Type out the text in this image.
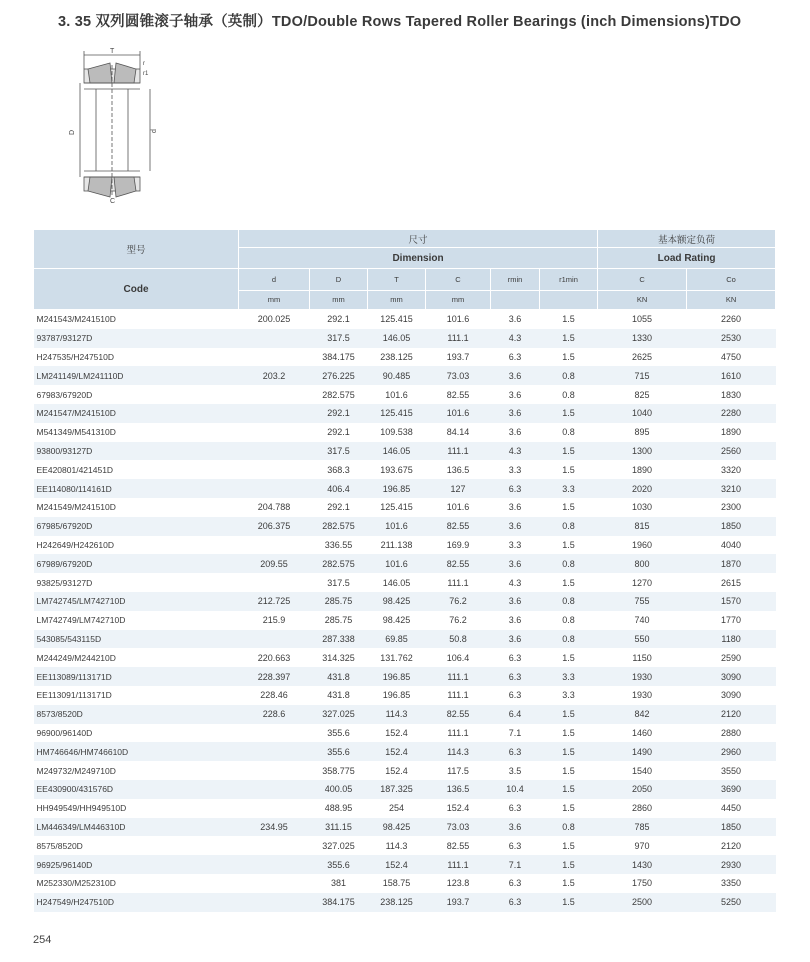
3. 35 双列圆锥滚子轴承（英制）TDO/Double Rows Tapered Roller Bearings (inch Dimensions)TDO
D	d
T
r
r1
C
型号	尺寸						基本额定负荷	
	Dimension						Load Rating	
Code	d	D	T	C	rmin	r1min	C	Co
	mm	mm	mm	mm			KN	KN
M241543/M241510D	200.025	292.1	125.415	101.6	3.6	1.5	1055	2260
93787/93127D		317.5	146.05	111.1	4.3	1.5	1330	2530
H247535/H247510D		384.175	238.125	193.7	6.3	1.5	2625	4750
LM241149/LM241110D	203.2	276.225	90.485	73.03	3.6	0.8	715	1610
67983/67920D		282.575	101.6	82.55	3.6	0.8	825	1830
M241547/M241510D		292.1	125.415	101.6	3.6	1.5	1040	2280
M541349/M541310D		292.1	109.538	84.14	3.6	0.8	895	1890
93800/93127D		317.5	146.05	111.1	4.3	1.5	1300	2560
EE420801/421451D		368.3	193.675	136.5	3.3	1.5	1890	3320
EE114080/114161D		406.4	196.85	127	6.3	3.3	2020	3210
M241549/M241510D	204.788	292.1	125.415	101.6	3.6	1.5	1030	2300
67985/67920D	206.375	282.575	101.6	82.55	3.6	0.8	815	1850
H242649/H242610D		336.55	211.138	169.9	3.3	1.5	1960	4040
67989/67920D	209.55	282.575	101.6	82.55	3.6	0.8	800	1870
93825/93127D		317.5	146.05	111.1	4.3	1.5	1270	2615
LM742745/LM742710D	212.725	285.75	98.425	76.2	3.6	0.8	755	1570
LM742749/LM742710D	215.9	285.75	98.425	76.2	3.6	0.8	740	1770
543085/543115D		287.338	69.85	50.8	3.6	0.8	550	1180
M244249/M244210D	220.663	314.325	131.762	106.4	6.3	1.5	1150	2590
EE113089/113171D	228.397	431.8	196.85	111.1	6.3	3.3	1930	3090
EE113091/113171D	228.46	431.8	196.85	111.1	6.3	3.3	1930	3090
8573/8520D	228.6	327.025	114.3	82.55	6.4	1.5	842	2120
96900/96140D		355.6	152.4	111.1	7.1	1.5	1460	2880
HM746646/HM746610D		355.6	152.4	114.3	6.3	1.5	1490	2960
M249732/M249710D		358.775	152.4	117.5	3.5	1.5	1540	3550
EE430900/431576D		400.05	187.325	136.5	10.4	1.5	2050	3690
HH949549/HH949510D		488.95	254	152.4	6.3	1.5	2860	4450
LM446349/LM446310D	234.95	311.15	98.425	73.03	3.6	0.8	785	1850
8575/8520D		327.025	114.3	82.55	6.3	1.5	970	2120
96925/96140D		355.6	152.4	111.1	7.1	1.5	1430	2930
M252330/M252310D		381	158.75	123.8	6.3	1.5	1750	3350
H247549/H247510D		384.175	238.125	193.7	6.3	1.5	2500	5250
254
